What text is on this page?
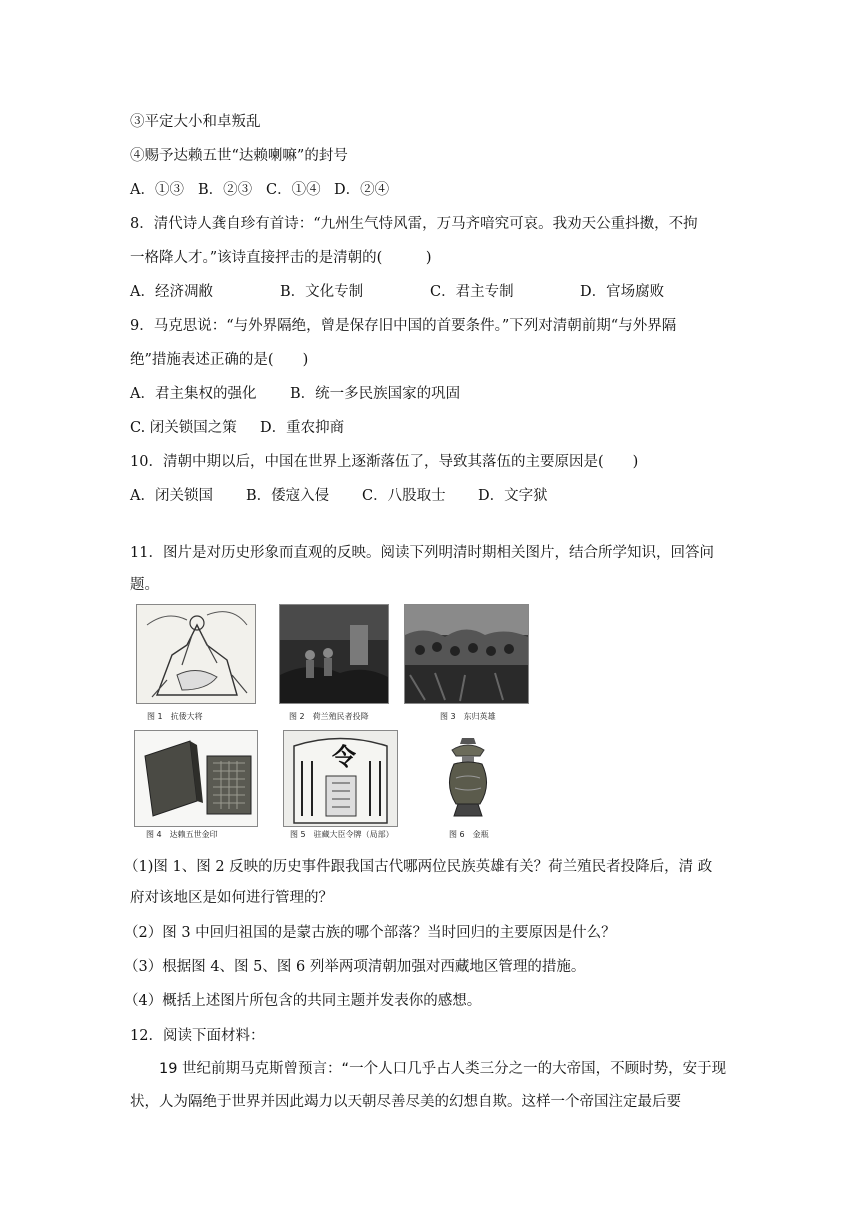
③平定大小和卓叛乱
④赐予达赖五世“达赖喇嘛”的封号
A．①③ B．②③ C．①④ D．②④
8．清代诗人龚自珍有首诗：“九州生气恃风雷，万马齐喑究可哀。我劝天公重抖擞，不拘
一格降人才。”该诗直接抨击的是清朝的(　　　)
A．经济凋敝	B．文化专制	C．君主专制	D．官场腐败
9．马克思说：“与外界隔绝，曾是保存旧中国的首要条件。”下列对清朝前期“与外界隔
绝”措施表述正确的是(　　)
A．君主集权的强化 B．统一多民族国家的巩固
C. 闭关锁国之策 D．重农抑商
10．清朝中期以后，中国在世界上逐渐落伍了，导致其落伍的主要原因是(　　)
A．闭关锁国 B．倭寇入侵 C．八股取士 D．文字狱
11．图片是对历史形象而直观的反映。阅读下列明清时期相关图片，结合所学知识，回答问
题。
图 1　抗倭大将	图 2　荷兰殖民者投降	图 3　东归英雄
图 4　达赖五世金印
令
图 5　驻藏大臣令牌（局部）	图 6　金瓶
（1)图 1、图 2 反映的历史事件跟我国古代哪两位民族英雄有关？荷兰殖民者投降后，清 政
府对该地区是如何进行管理的？
（2）图 3 中回归祖国的是蒙古族的哪个部落？当时回归的主要原因是什么？
（3）根据图 4、图 5、图 6 列举两项清朝加强对西藏地区管理的措施。
（4）概括上述图片所包含的共同主题并发表你的感想。
12．阅读下面材料：
19 世纪前期马克斯曾预言：“一个人口几乎占人类三分之一的大帝国，不顾时势，安于现状，人为隔绝于世界并因此竭力以天朝尽善尽美的幻想自欺。这样一个帝国注定最后要
